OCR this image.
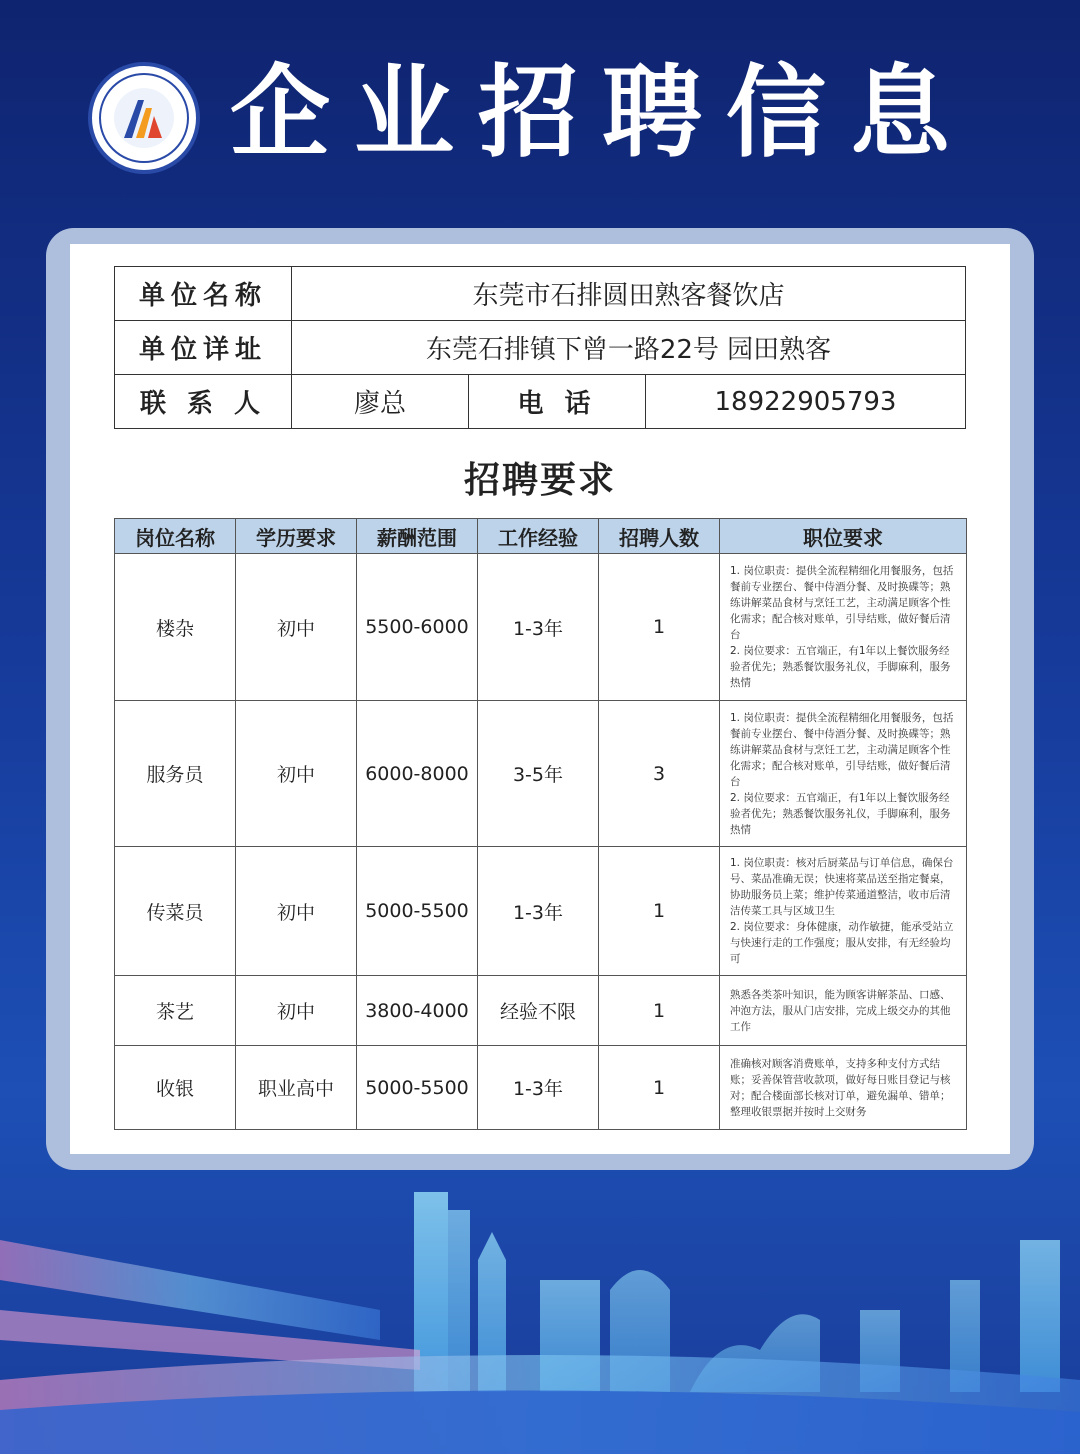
企业招聘信息
单位名称	东莞市石排圆田熟客餐饮店		
单位详址	东莞石排镇下曾一路22号 园田熟客		
联 系 人	廖总	电 话	18922905793
招聘要求
岗位名称	学历要求	薪酬范围	工作经验	招聘人数	职位要求
楼杂	初中	5500-6000	1-3年	1	1. 岗位职责：提供全流程精细化用餐服务，包括餐前专业摆台、餐中侍酒分餐、及时换碟等；熟练讲解菜品食材与烹饪工艺，主动满足顾客个性化需求；配合核对账单，引导结账，做好餐后清台
2. 岗位要求：五官端正，有1年以上餐饮服务经验者优先；熟悉餐饮服务礼仪，手脚麻利，服务热情
服务员	初中	6000-8000	3-5年	3	1. 岗位职责：提供全流程精细化用餐服务，包括餐前专业摆台、餐中侍酒分餐、及时换碟等；熟练讲解菜品食材与烹饪工艺，主动满足顾客个性化需求；配合核对账单，引导结账，做好餐后清台
2. 岗位要求：五官端正，有1年以上餐饮服务经验者优先；熟悉餐饮服务礼仪，手脚麻利，服务热情
传菜员	初中	5000-5500	1-3年	1	1. 岗位职责：核对后厨菜品与订单信息，确保台号、菜品准确无误；快速将菜品送至指定餐桌，协助服务员上菜；维护传菜通道整洁，收市后清洁传菜工具与区域卫生
2. 岗位要求：身体健康，动作敏捷，能承受站立与快速行走的工作强度；服从安排，有无经验均可
茶艺	初中	3800-4000	经验不限	1	熟悉各类茶叶知识，能为顾客讲解茶品、口感、冲泡方法，服从门店安排，完成上级交办的其他工作
收银	职业高中	5000-5500	1-3年	1	准确核对顾客消费账单，支持多种支付方式结账；妥善保管营收款项，做好每日账目登记与核对；配合楼面部长核对订单，避免漏单、错单；整理收银票据并按时上交财务
